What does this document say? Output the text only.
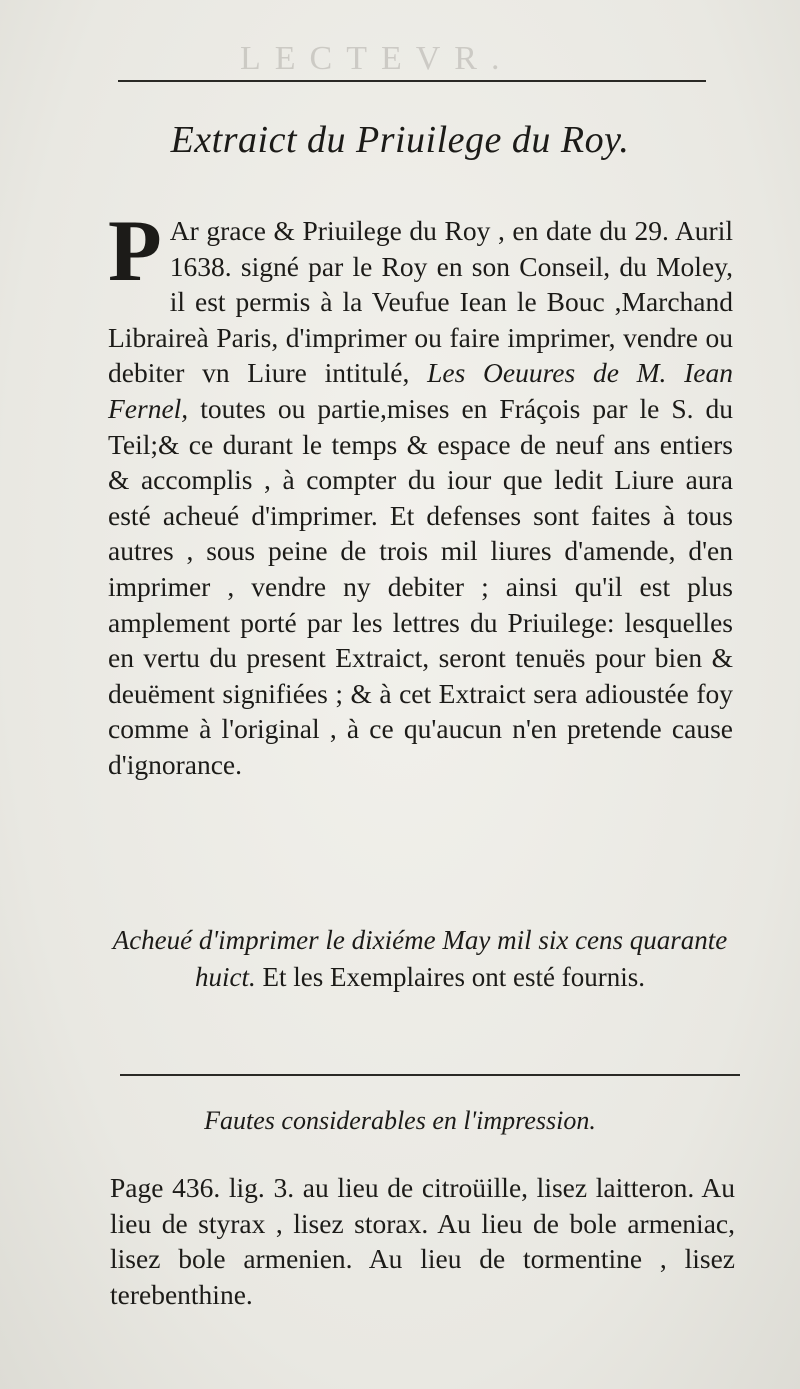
LECTEVR.
Extraict du Priuilege du Roy.
P Ar grace & Priuilege du Roy , en date du 29. Auril 1638. signé par le Roy en son Conseil, du Moley, il est permis à la Veufue Iean le Bouc ,Marchand Libraireà Paris, d'imprimer ou faire imprimer, vendre ou debiter vn Liure intitulé, Les Oeuures de M. Iean Fernel, toutes ou partie,mises en Fráçois par le S. du Teil;& ce durant le temps & espace de neuf ans entiers & accomplis , à compter du iour que ledit Liure aura esté acheué d'imprimer. Et defenses sont faites à tous autres , sous peine de trois mil liures d'amende, d'en imprimer , vendre ny debiter ; ainsi qu'il est plus amplement porté par les lettres du Priuilege: lesquelles en vertu du present Extraict, seront tenuës pour bien & deuëment signifiées ; & à cet Extraict sera adioustée foy comme à l'original , à ce qu'aucun n'en pretende cause d'ignorance.
Acheué d'imprimer le dixiéme May mil six cens quarante huict. Et les Exemplaires ont esté fournis.
Fautes considerables en l'impression.
Page 436. lig. 3. au lieu de citroüille, lisez laitteron. Au lieu de styrax , lisez storax. Au lieu de bole armeniac, lisez bole armenien. Au lieu de tormentine , lisez terebenthine.
